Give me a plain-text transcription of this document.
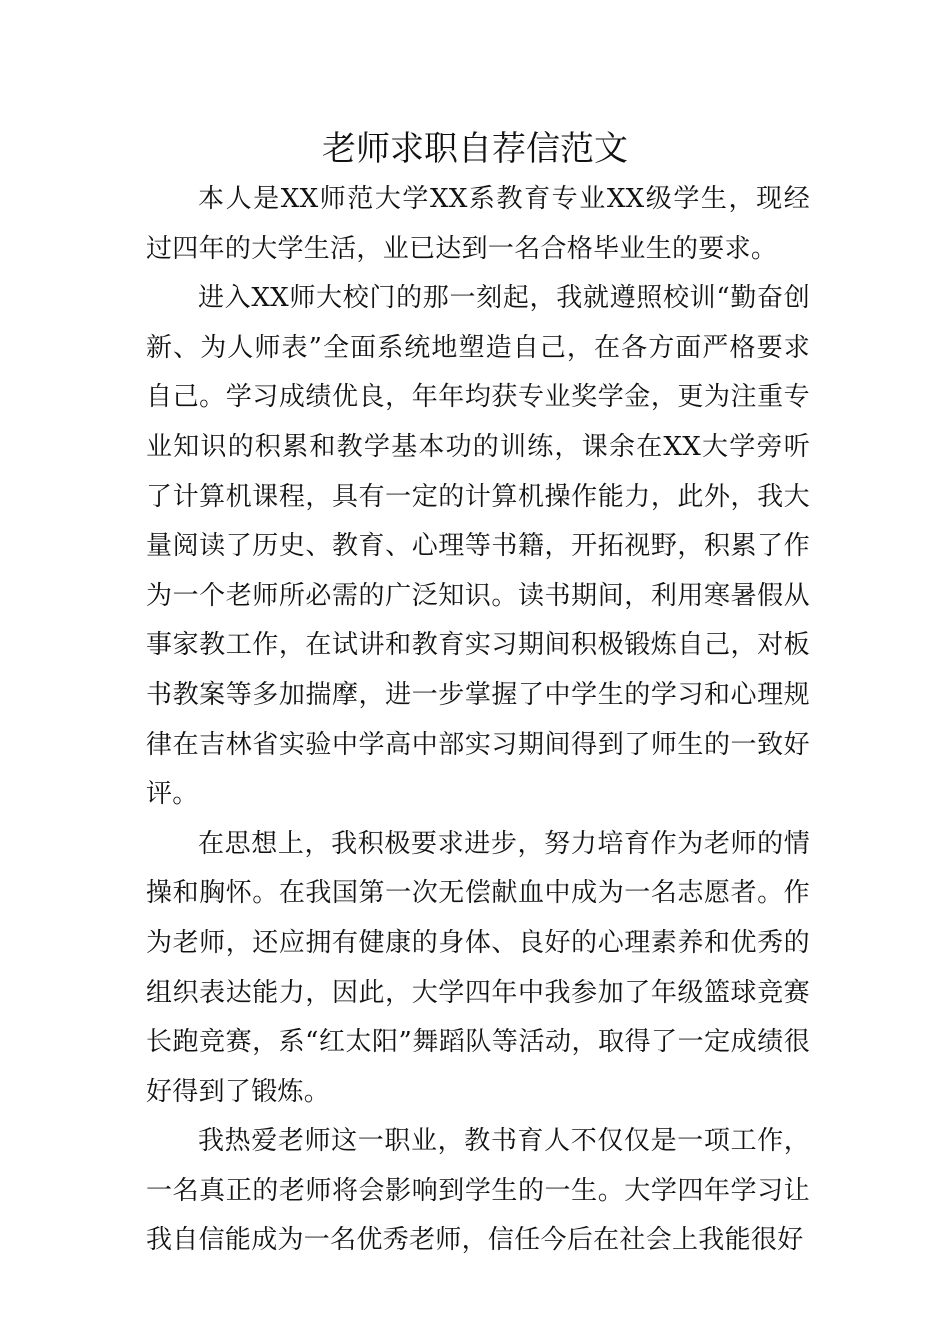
老师求职自荐信范文

本人是XX师范大学XX系教育专业XX级学生，现经过四年的大学生活，业已达到一名合格毕业生的要求。

进入XX师大校门的那一刻起，我就遵照校训“勤奋创新、为人师表”全面系统地塑造自己，在各方面严格要求自己。学习成绩优良，年年均获专业奖学金，更为注重专业知识的积累和教学基本功的训练，课余在XX大学旁听了计算机课程，具有一定的计算机操作能力，此外，我大量阅读了历史、教育、心理等书籍，开拓视野，积累了作为一个老师所必需的广泛知识。读书期间，利用寒暑假从事家教工作，在试讲和教育实习期间积极锻炼自己，对板书教案等多加揣摩，进一步掌握了中学生的学习和心理规律在吉林省实验中学高中部实习期间得到了师生的一致好评。

在思想上，我积极要求进步，努力培育作为老师的情操和胸怀。在我国第一次无偿献血中成为一名志愿者。作为老师，还应拥有健康的身体、良好的心理素养和优秀的组织表达能力，因此，大学四年中我参加了年级篮球竞赛长跑竞赛，系“红太阳”舞蹈队等活动，取得了一定成绩很好得到了锻炼。

我热爱老师这一职业，教书育人不仅仅是一项工作，一名真正的老师将会影响到学生的一生。大学四年学习让我自信能成为一名优秀老师，信任今后在社会上我能很好
